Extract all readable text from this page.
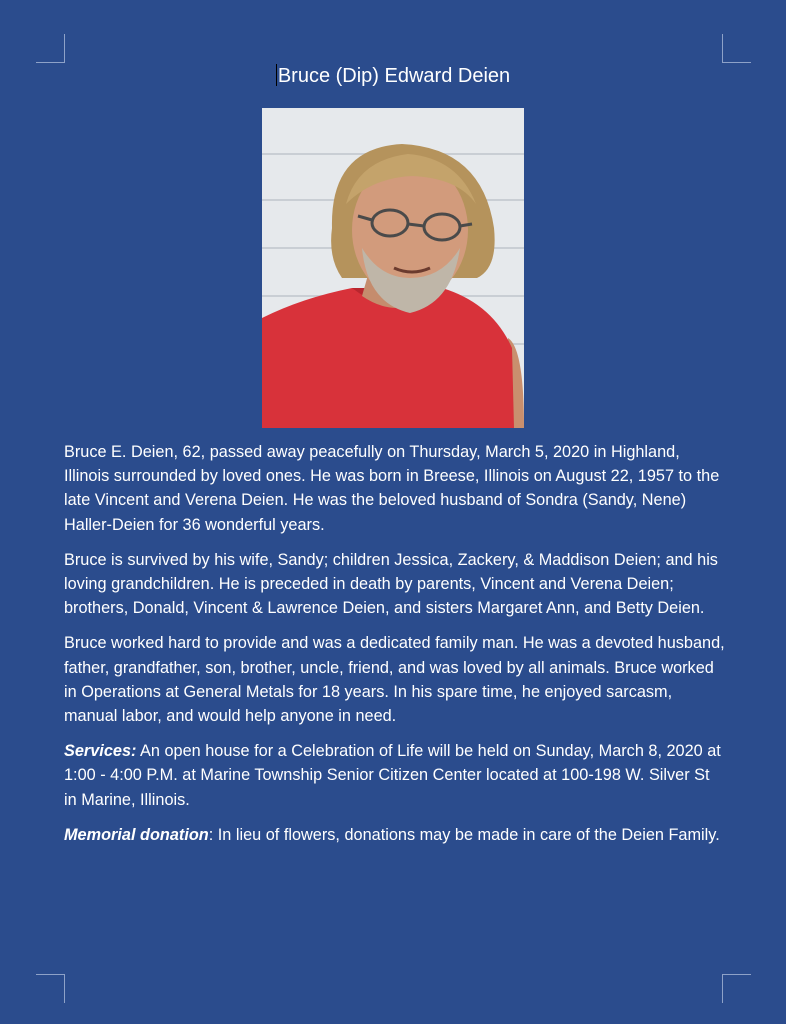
Bruce (Dip) Edward Deien

Bruce E. Deien, 62, passed away peacefully on Thursday, March 5, 2020 in Highland, Illinois surrounded by loved ones. He was born in Breese, Illinois on August 22, 1957 to the late Vincent and Verena Deien. He was the beloved husband of Sondra (Sandy, Nene) Haller-Deien for 36 wonderful years.

Bruce is survived by his wife, Sandy; children Jessica, Zackery, & Maddison Deien; and his loving grandchildren. He is preceded in death by parents, Vincent and Verena Deien; brothers, Donald, Vincent & Lawrence Deien, and sisters Margaret Ann, and Betty Deien.

Bruce worked hard to provide and was a dedicated family man. He was a devoted husband, father, grandfather, son, brother, uncle, friend, and was loved by all animals. Bruce worked in Operations at General Metals for 18 years. In his spare time, he enjoyed sarcasm, manual labor, and would help anyone in need.

Services: An open house for a Celebration of Life will be held on Sunday, March 8, 2020 at 1:00 - 4:00 P.M. at Marine Township Senior Citizen Center located at 100-198 W. Silver St in Marine, Illinois.

Memorial donation: In lieu of flowers, donations may be made in care of the Deien Family.
